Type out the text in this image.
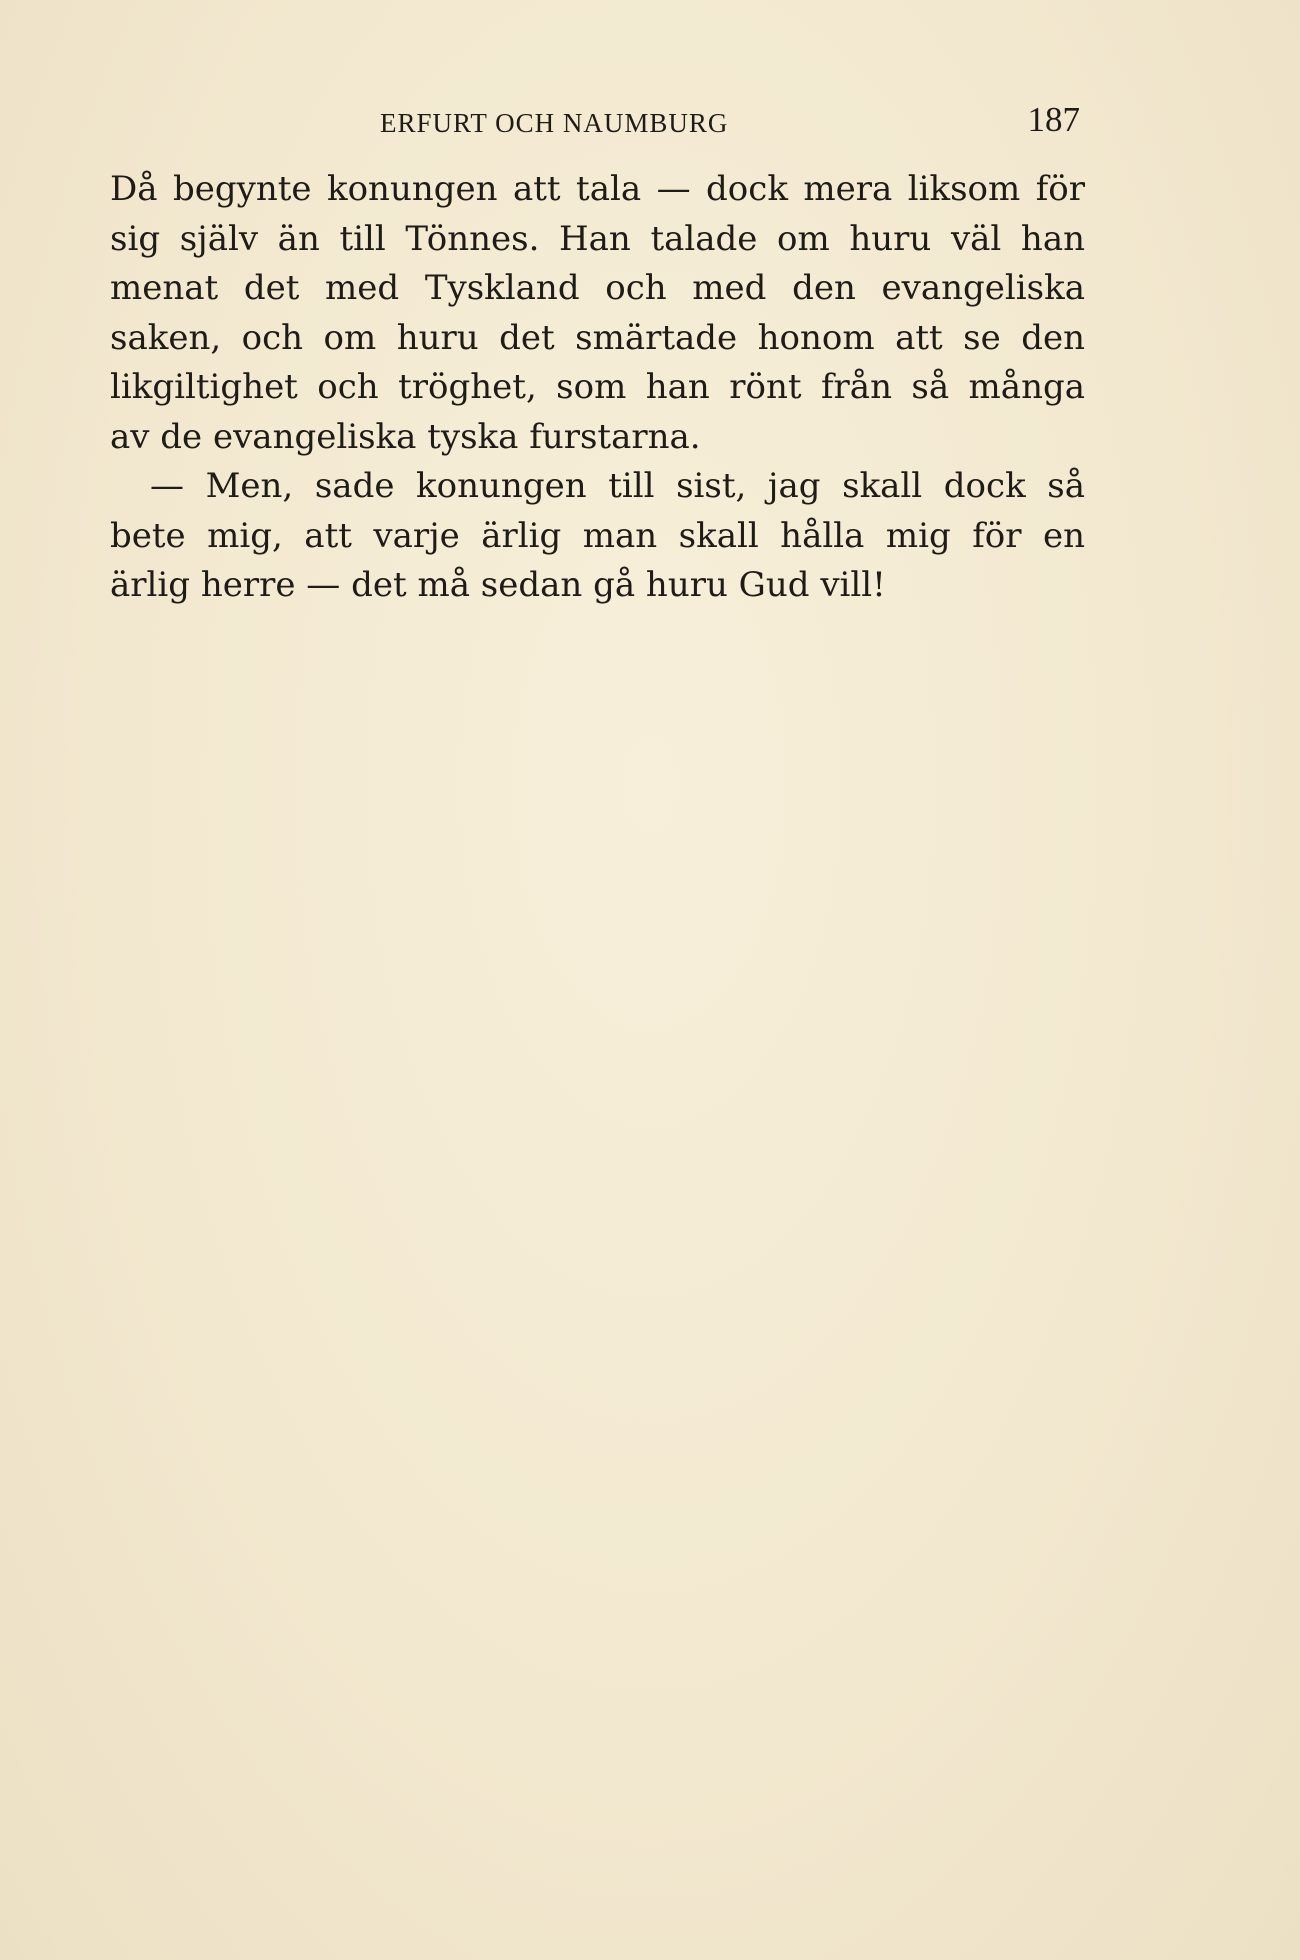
ERFURT OCH NAUMBURG	187
Då begynte konungen att tala — dock mera liksom för
sig själv än till Tönnes. Han talade om huru väl han
menat det med Tyskland och med den evangeliska
saken, och om huru det smärtade honom att se den
likgiltighet och tröghet, som han rönt från så många
av de evangeliska tyska furstarna.
— Men, sade konungen till sist, jag skall dock så
bete mig, att varje ärlig man skall hålla mig för en
ärlig herre — det må sedan gå huru Gud vill!
